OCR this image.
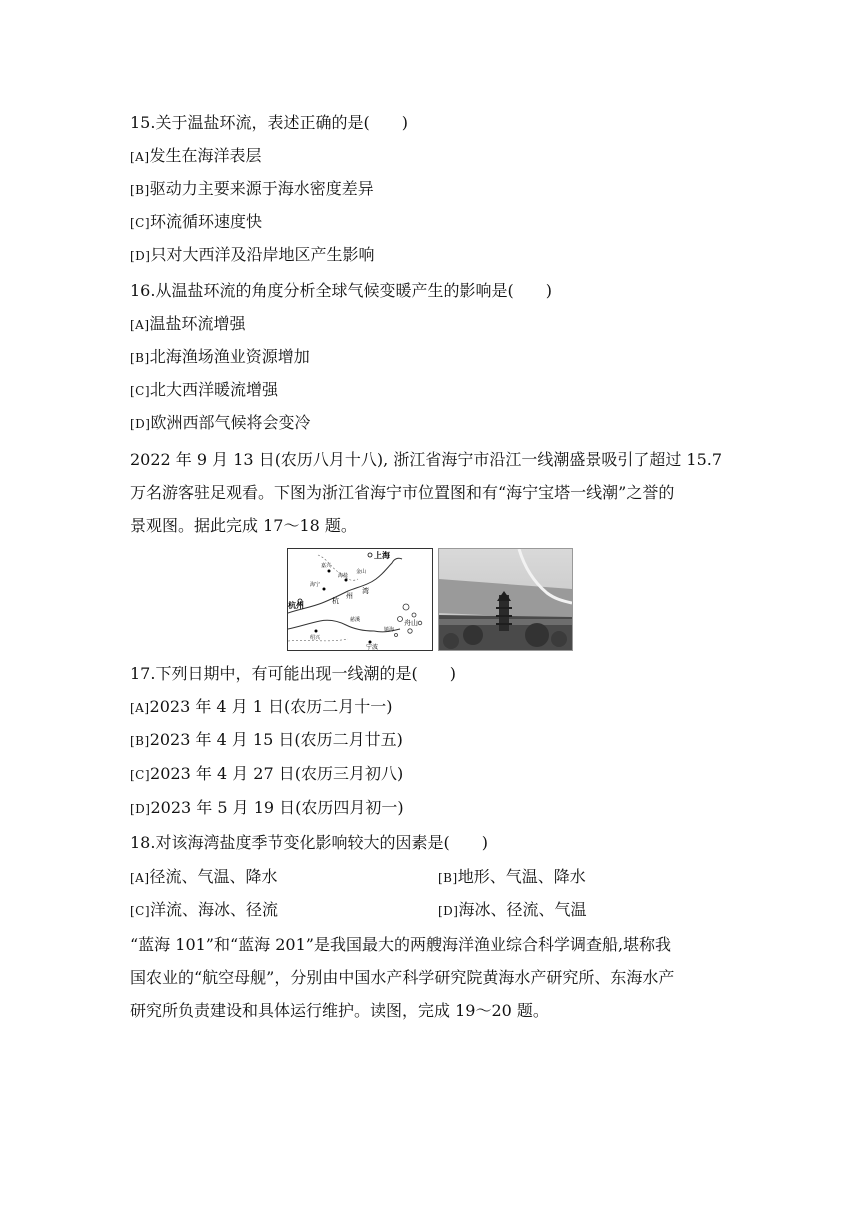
15.关于温盐环流，表述正确的是(　　)
[A]发生在海洋表层
[B]驱动力主要来源于海水密度差异
[C]环流循环速度快
[D]只对大西洋及沿岸地区产生影响
16.从温盐环流的角度分析全球气候变暖产生的影响是(　　)
[A]温盐环流增强
[B]北海渔场渔业资源增加
[C]北大西洋暖流增强
[D]欧洲西部气候将会变冷
2022 年 9 月 13 日(农历八月十八), 浙江省海宁市沿江一线潮盛景吸引了超过 15.7
万名游客驻足观看。下图为浙江省海宁市位置图和有“海宁宝塔一线潮”之誉的
景观图。据此完成 17～18 题。
上海
嘉兴
金山
海盐
海宁
杭州	杭
州
湾
慈溪
绍兴
镇海
舟山
宁波
17.下列日期中，有可能出现一线潮的是(　　)
[A]2023 年 4 月 1 日(农历二月十一)
[B]2023 年 4 月 15 日(农历二月廿五)
[C]2023 年 4 月 27 日(农历三月初八)
[D]2023 年 5 月 19 日(农历四月初一)
18.对该海湾盐度季节变化影响较大的因素是(　　)
[A]径流、气温、降水	[B]地形、气温、降水
[C]洋流、海冰、径流	[D]海冰、径流、气温
“蓝海 101”和“蓝海 201”是我国最大的两艘海洋渔业综合科学调查船,堪称我
国农业的“航空母舰”，分别由中国水产科学研究院黄海水产研究所、东海水产
研究所负责建设和具体运行维护。读图，完成 19～20 题。
